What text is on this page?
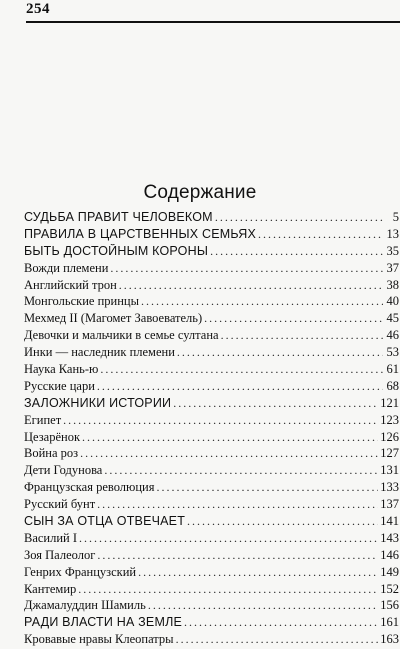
254
Содержание
СУДЬБА ПРАВИТ ЧЕЛОВЕКОМ .....	5
ПРАВИЛА В ЦАРСТВЕННЫХ СЕМЬЯХ .....	13
БЫТЬ ДОСТОЙНЫМ КОРОНЫ .....	35
Вожди племени .....	37
Английский трон .....	38
Монгольские принцы .....	40
Мехмед II (Магомет Завоеватель) .....	45
Девочки и мальчики в семье султана .....	46
Инки — наследник племени .....	53
Наука Кань-ю .....	61
Русские цари .....	68
ЗАЛОЖНИКИ ИСТОРИИ .....	121
Египет .....	123
Цезарёнок .....	126
Война роз .....	127
Дети Годунова .....	131
Французская революция .....	133
Русский бунт .....	137
СЫН ЗА ОТЦА ОТВЕЧАЕТ .....	141
Василий I .....	143
Зоя Палеолог .....	146
Генрих Французский .....	149
Кантемир .....	152
Джамалуддин Шамиль .....	156
РАДИ ВЛАСТИ НА ЗЕМЛЕ .....	161
Кровавые нравы Клеопатры .....	163
